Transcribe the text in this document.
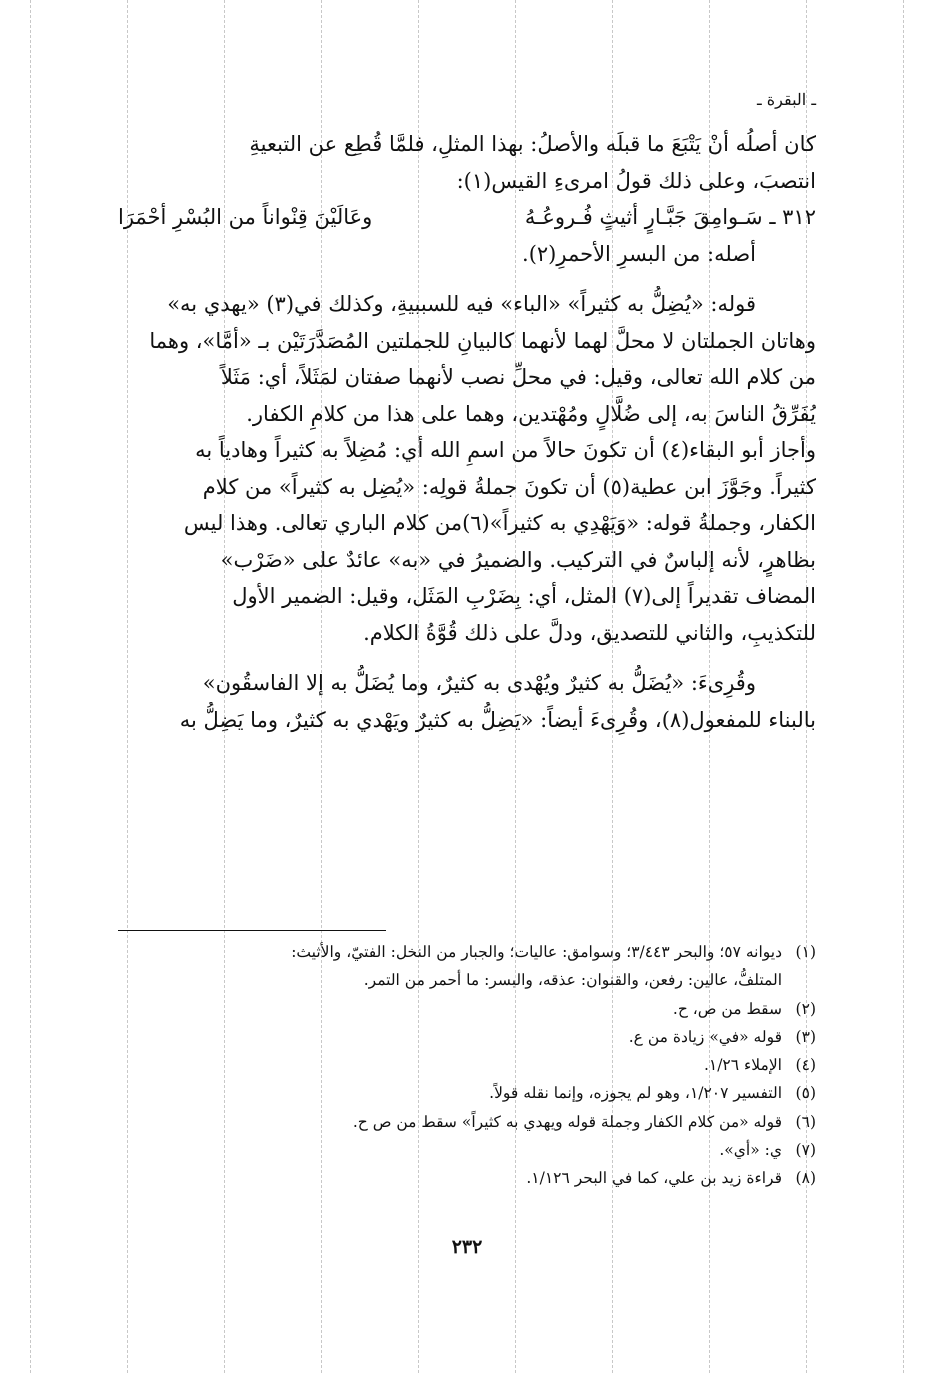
ـ البقرة ـ
كان أصلُه أنْ يَتْبَعَ ما قبلَه والأصلُ: بهذا المثلِ، فلمَّا قُطِع عن التبعيةِ
انتصبَ، وعلى ذلك قولُ امرىءِ القيس(١):
٣١٢ ـ سَـوامِقَ جَبَّـارٍ أثيثٍ فُـروعُـهُ
وعَالَيْنَ قِنْواناً من البُسْرِ أحْمَرَا
أصله: من البسرِ الأحمرِ(٢).
قوله: «يُضِلُّ به كثيراً» «الباء» فيه للسببيةِ، وكذلك في(٣) «يهدي به»
وهاتان الجملتان لا محلَّ لهما لأنهما كالبيانِ للجملتين المُصَدَّرَتَيْن بـ «أمَّا»، وهما
من كلام الله تعالى، وقيل: في محلِّ نصب لأنهما صفتان لمَثَلاً، أي: مَثَلاً
يُفَرِّقُ الناسَ به، إلى ضُلَّالٍ ومُهْتدين، وهما على هذا من كلامِ الكفار.
وأجاز أبو البقاء(٤) أن تكونَ حالاً من اسمِ الله أي: مُضِلاً به كثيراً وهادياً به
كثيراً. وجَوَّزَ ابن عطية(٥) أن تكونَ جملةُ قولِه: «يُضِل به كثيراً» من كلام
الكفار، وجملةُ قوله: «وَيَهْدِي به كثيراً»(٦)من كلام الباري تعالى. وهذا ليس
بظاهرٍ، لأنه إلباسٌ في التركيب. والضميرُ في «به» عائدٌ على «ضَرْب»
المضاف تقديراً إلى(٧) المثل، أي: بِضَرْبِ المَثَل، وقيل: الضمير الأول
للتكذيبِ، والثاني للتصديق، ودلَّ على ذلك قُوَّةُ الكلام.
وقُرِىءَ: «يُضَلُّ به كثيرٌ ويُهْدى به كثيرٌ، وما يُضَلُّ به إلا الفاسقُون»
بالبناء للمفعول(٨)، وقُرِىءَ أيضاً: «يَضِلُّ به كثيرٌ ويَهْدي به كثيرٌ، وما يَضِلُّ به
(١)ديوانه ٥٧؛ والبحر ٣/٤٤٣؛ وسوامق: عاليات؛ والجبار من النخل: الفتيّ، والأثيث:
المتلفُّ، عالين: رفعن، والقنوان: عذقه، والبسر: ما أحمر من التمر.
(٢)سقط من ص، ح.
(٣)قوله «في» زيادة من ع.
(٤)الإملاء ١/٢٦.
(٥)التفسير ١/٢٠٧، وهو لم يجوزه، وإنما نقله قولاً.
(٦)قوله «من كلام الكفار وجملة قوله ويهدي به كثيراً» سقط من ص ح.
(٧)ي: «أي».
(٨)قراءة زيد بن علي، كما في البحر ١/١٢٦.
٢٣٢
